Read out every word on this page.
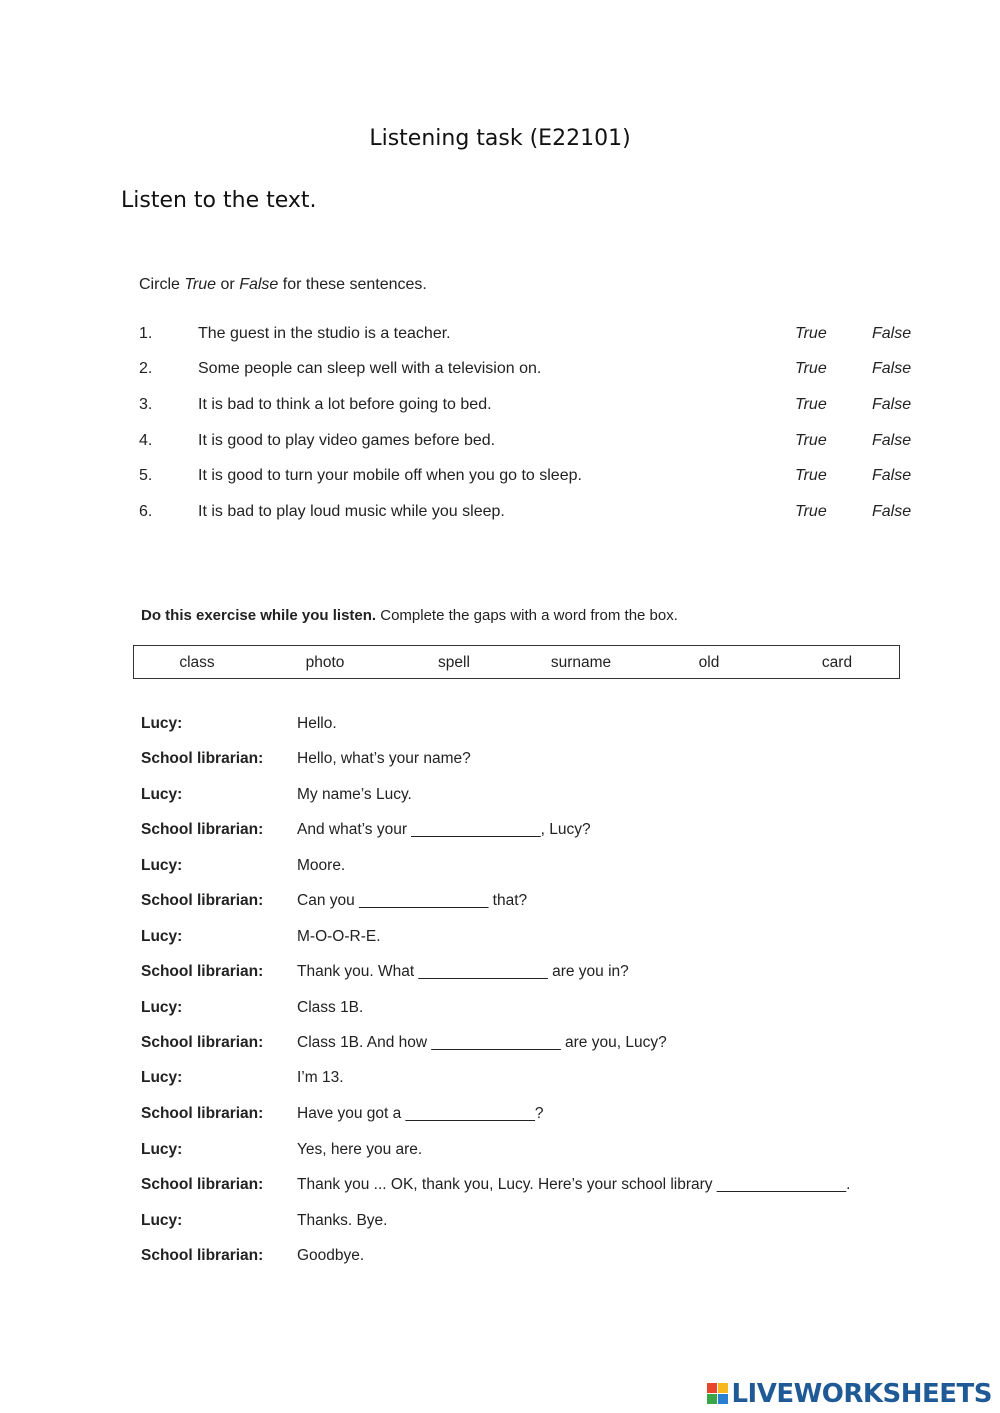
Listening task (E22101)
Listen to the text.
Circle True or False for these sentences.
1.	The guest in the studio is a teacher.	True	False
2.	Some people can sleep well with a television on.	True	False
3.	It is bad to think a lot before going to bed.	True	False
4.	It is good to play video games before bed.	True	False
5.	It is good to turn your mobile off when you go to sleep.	True	False
6.	It is bad to play loud music while you sleep.	True	False
Do this exercise while you listen. Complete the gaps with a word from the box.
class	photo	spell	surname	old	card
Lucy:	Hello.
School librarian: Hello, what’s your name?
Lucy:	My name’s Lucy.
School librarian: And what’s your _______________, Lucy?
Lucy:	Moore.
School librarian: Can you _______________ that?
Lucy:	M-O-O-R-E.
School librarian: Thank you. What _______________ are you in?
Lucy:	Class 1B.
School librarian: Class 1B. And how _______________ are you, Lucy?
Lucy:	I’m 13.
School librarian: Have you got a _______________?
Lucy:	Yes, here you are.
School librarian: Thank you ... OK, thank you, Lucy. Here’s your school library _______________.
Lucy:	Thanks. Bye.
School librarian: Goodbye.
LIVEWORKSHEETS
